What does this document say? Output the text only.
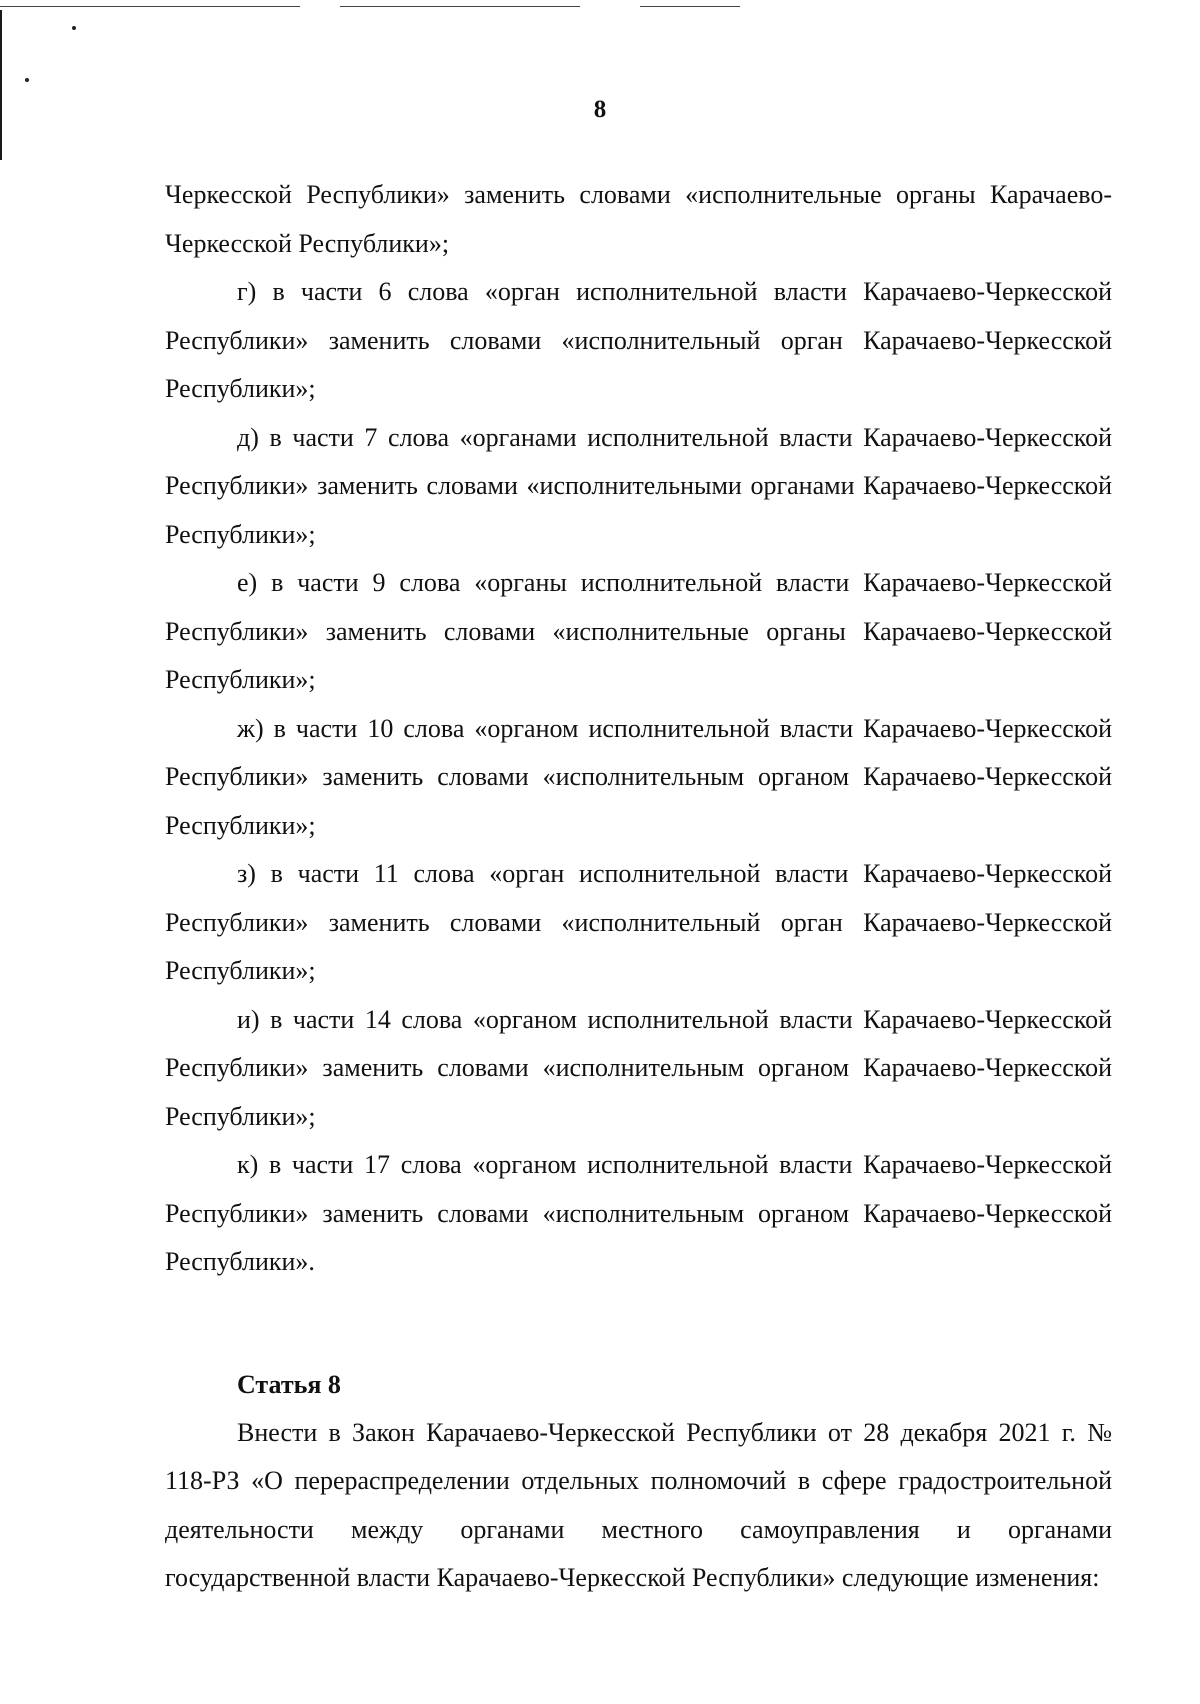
8

Черкесской Республики» заменить словами «исполнительные органы Карачаево-Черкесской Республики»;

г) в части 6 слова «орган исполнительной власти Карачаево-Черкесской Республики» заменить словами «исполнительный орган Карачаево-Черкесской Республики»;

д) в части 7 слова «органами исполнительной власти Карачаево-Черкесской Республики» заменить словами «исполнительными органами Карачаево-Черкесской Республики»;

е) в части 9 слова «органы исполнительной власти Карачаево-Черкесской Республики» заменить словами «исполнительные органы Карачаево-Черкесской Республики»;

ж) в части 10 слова «органом исполнительной власти Карачаево-Черкесской Республики» заменить словами «исполнительным органом Карачаево-Черкесской Республики»;

з) в части 11 слова «орган исполнительной власти Карачаево-Черкесской Республики» заменить словами «исполнительный орган Карачаево-Черкесской Республики»;

и) в части 14 слова «органом исполнительной власти Карачаево-Черкесской Республики» заменить словами «исполнительным органом Карачаево-Черкесской Республики»;

к) в части 17 слова «органом исполнительной власти Карачаево-Черкесской Республики» заменить словами «исполнительным органом Карачаево-Черкесской Республики».

Статья 8

Внести в Закон Карачаево-Черкесской Республики от 28 декабря 2021 г. № 118-РЗ «О перераспределении отдельных полномочий в сфере градостроительной деятельности между органами местного самоуправления и органами государственной власти Карачаево-Черкесской Республики» следующие изменения:
